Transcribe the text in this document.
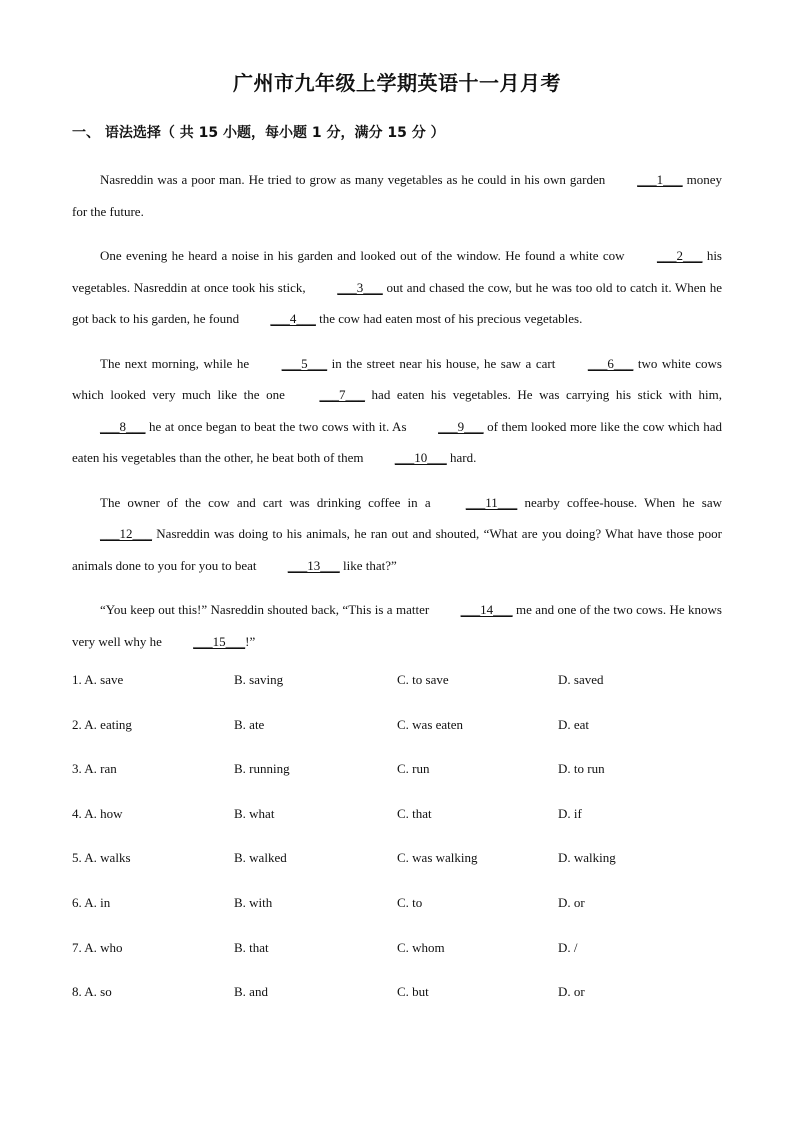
广州市九年级上学期英语十一月月考
一、 语法选择（ 共 15 小题，每小题 1 分，满分 15 分 ）

Nasreddin was a poor man. He tried to grow as many vegetables as he could in his own garden ___1___ money for the future.

One evening he heard a noise in his garden and looked out of the window. He found a white cow ___2___ his vegetables. Nasreddin at once took his stick, ___3___ out and chased the cow, but he was too old to catch it. When he got back to his garden, he found ___4___ the cow had eaten most of his precious vegetables.

The next morning, while he ___5___ in the street near his house, he saw a cart ___6___ two white cows which looked very much like the one ___7___ had eaten his vegetables. He was carrying his stick with him, ___8___ he at once began to beat the two cows with it. As ___9___ of them looked more like the cow which had eaten his vegetables than the other, he beat both of them ___10___ hard.

The owner of the cow and cart was drinking coffee in a ___11___ nearby coffee-house. When he saw ___12___ Nasreddin was doing to his animals, he ran out and shouted, “What are you doing? What have those poor animals done to you for you to beat ___13___ like that?”

“You keep out this!” Nasreddin shouted back, “This is a matter ___14___ me and one of the two cows. He knows very well why he ___15___!”

1. A. save	B. saving	C. to save	D. saved
2. A. eating	B. ate	C. was eaten	D. eat
3. A. ran	B. running	C. run	D. to run
4. A. how	B. what	C. that	D. if
5. A. walks	B. walked	C. was walking	D. walking
6. A. in	B. with	C. to	D. or
7. A. who	B. that	C. whom	D. /
8. A. so	B. and	C. but	D. or
